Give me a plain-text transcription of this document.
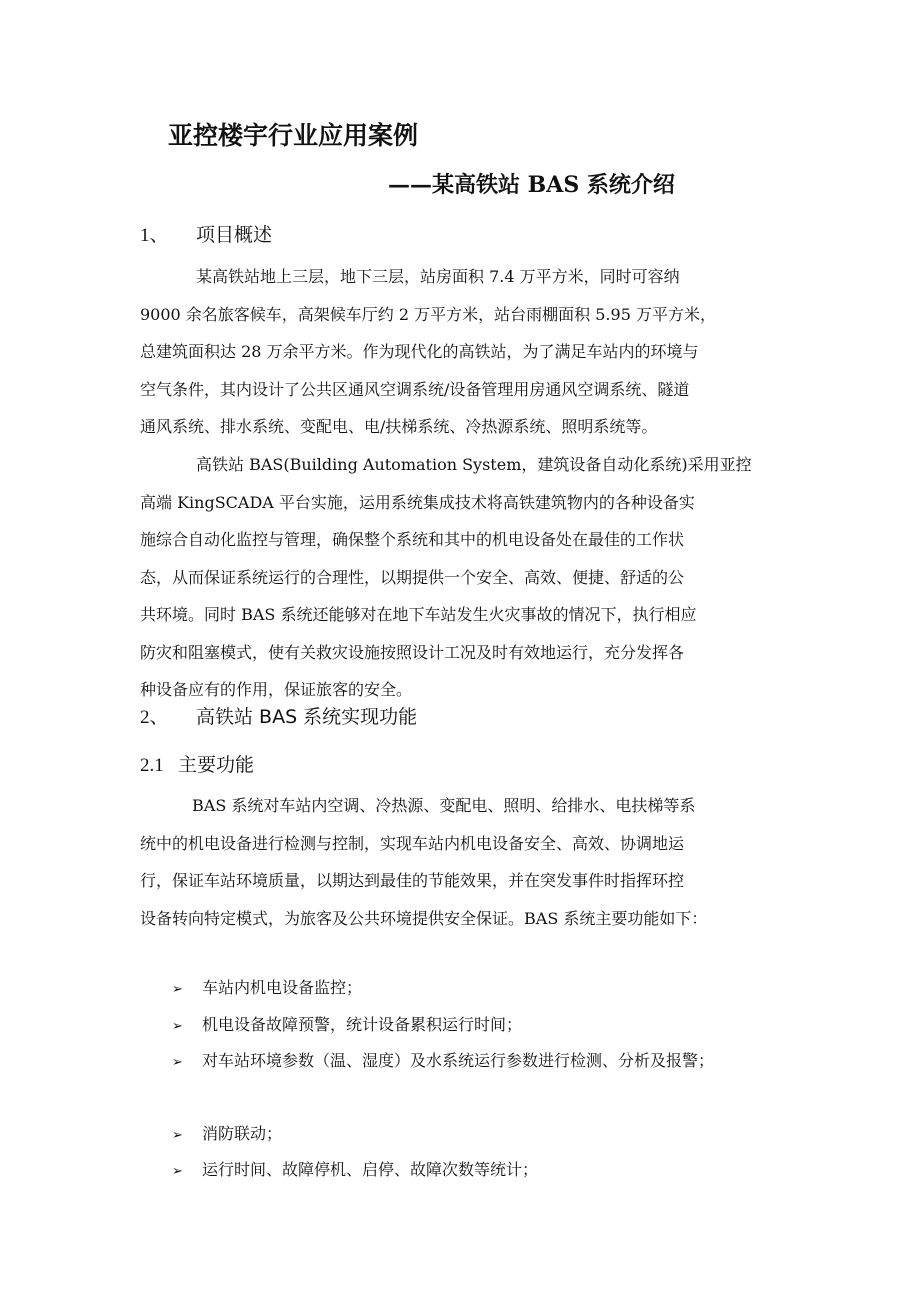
亚控楼宇行业应用案例
——某高铁站 BAS 系统介绍
1、 项目概述
某高铁站地上三层，地下三层，站房面积 7.4 万平方米，同时可容纳
9000 余名旅客候车，高架候车厅约 2 万平方米，站台雨棚面积 5.95 万平方米，
总建筑面积达 28 万余平方米。作为现代化的高铁站，为了满足车站内的环境与
空气条件，其内设计了公共区通风空调系统/设备管理用房通风空调系统、隧道
通风系统、排水系统、变配电、电/扶梯系统、冷热源系统、照明系统等。
高铁站 BAS(Building Automation System，建筑设备自动化系统)采用亚控
高端 KingSCADA 平台实施，运用系统集成技术将高铁建筑物内的各种设备实
施综合自动化监控与管理，确保整个系统和其中的机电设备处在最佳的工作状
态，从而保证系统运行的合理性，以期提供一个安全、高效、便捷、舒适的公
共环境。同时 BAS 系统还能够对在地下车站发生火灾事故的情况下，执行相应
防灾和阻塞模式，使有关救灾设施按照设计工况及时有效地运行，充分发挥各
种设备应有的作用，保证旅客的安全。
2、 高铁站 BAS 系统实现功能
2.1 主要功能
BAS 系统对车站内空调、冷热源、变配电、照明、给排水、电扶梯等系
统中的机电设备进行检测与控制，实现车站内机电设备安全、高效、协调地运
行，保证车站环境质量，以期达到最佳的节能效果，并在突发事件时指挥环控
设备转向特定模式，为旅客及公共环境提供安全保证。BAS 系统主要功能如下：
➢ 车站内机电设备监控；
➢ 机电设备故障预警，统计设备累积运行时间；
➢ 对车站环境参数（温、湿度）及水系统运行参数进行检测、分析及报警；
➢ 消防联动；
➢ 运行时间、故障停机、启停、故障次数等统计；
